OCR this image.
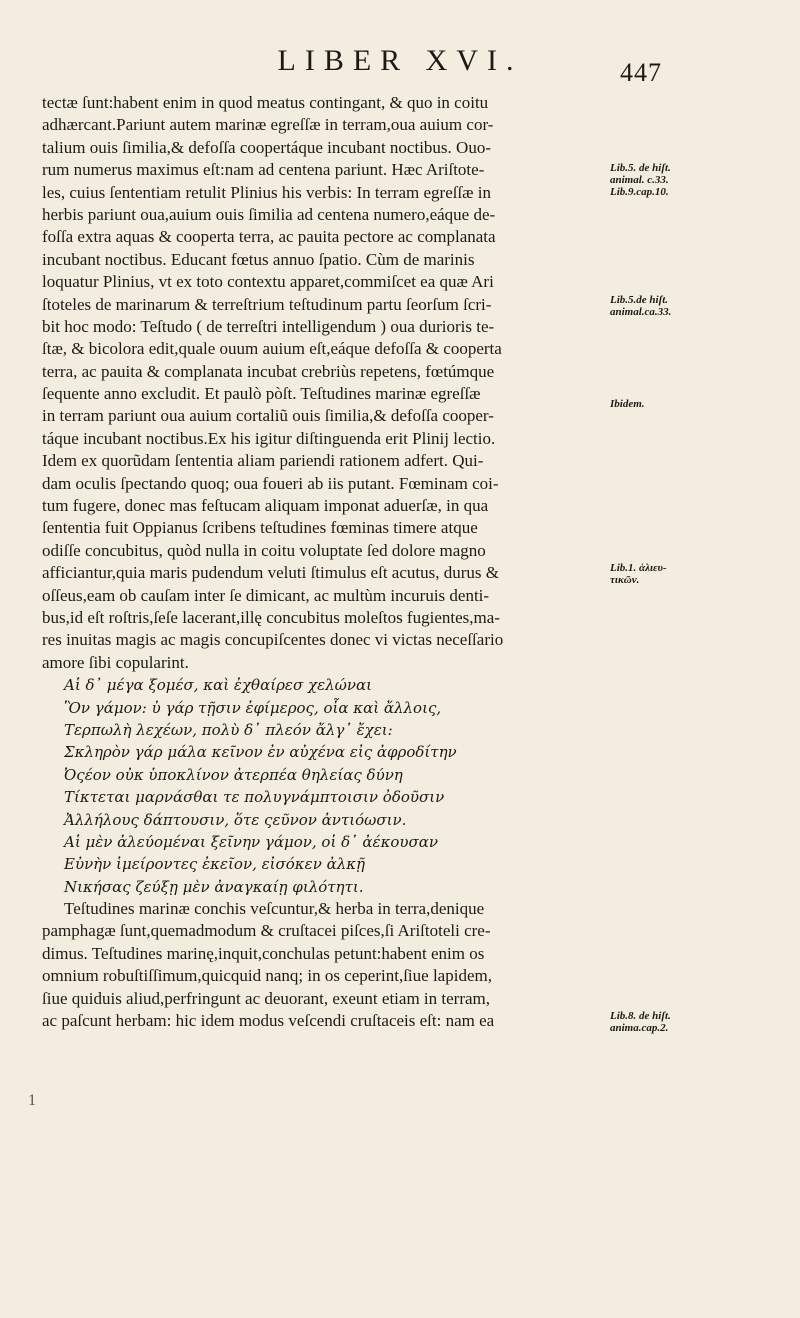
LIBER XVI.	447
tectæ ſunt:habent enim in quod meatus contingant, & quo in coitu
adhærcant.Pariunt autem marinæ egreſſæ in terram,oua auium cor-
talium ouis ſimilia,& defoſſa coopertáque incubant noctibus. Ouo-
rum numerus maximus eſt:nam ad centena pariunt. Hæc Ariſtote-
les, cuius ſententiam retulit Plinius his verbis: In terram egreſſæ in
herbis pariunt oua,auium ouis ſimilia ad centena numero,eáque de-
foſſa extra aquas & cooperta terra, ac pauita pectore ac complanata
incubant noctibus. Educant fœtus annuo ſpatio. Cùm de marinis
loquatur Plinius, vt ex toto contextu apparet,commiſcet ea quæ Ari
ſtoteles de marinarum & terreſtrium teſtudinum partu ſeorſum ſcri-
bit hoc modo: Teſtudo ( de terreſtri intelligendum ) oua durioris te-
ſtæ, & bicolora edit,quale ouum auium eſt,eáque defoſſa & cooperta
terra, ac pauita & complanata incubat crebriùs repetens, fœtúmque
ſequente anno excludit. Et paulò pòſt. Teſtudines marinæ egreſſæ
in terram pariunt oua auium cortaliũ ouis ſimilia,& defoſſa cooper-
táque incubant noctibus.Ex his igitur diſtinguenda erit Plinij lectio.
Idem ex quorũdam ſententia aliam pariendi rationem adfert. Qui-
dam oculis ſpectando quoq; oua foueri ab iis putant. Fœminam coi-
tum fugere, donec mas feſtucam aliquam imponat aduerſæ, in qua
ſententia fuit Oppianus ſcribens teſtudines fœminas timere atque
odiſſe concubitus, quòd nulla in coitu voluptate ſed dolore magno
afficiantur,quia maris pudendum veluti ſtimulus eſt acutus, durus &
oſſeus,eam ob cauſam inter ſe dimicant, ac multùm incuruis denti-
bus,id eſt roſtris,ſeſe lacerant,illę concubitus moleſtos fugientes,ma-
res inuitas magis ac magis concupiſcentes donec vi victas neceſſario
amore ſibi copularint.
Αἱ δ᾽ μέγα ξομέσ, καὶ ἐχθαίρεσ χελώναι
Ὃν γάμον: ὐ γάρ τῇσιν ἐφίμερος, οἷα καὶ ἄλλοις,
Τερπωλὴ λεχέων, πολὺ δ᾽ πλεόν ἄλγ᾽ ἔχει:
Σκληρὸν γάρ μάλα κεῖνον ἐν αὐχένα εἰς ἀφροδίτην
Ὀςέον οὐκ ὑποκλίνον ἀτερπέα θηλείας δύνη
Τίκτεται μαρνάσθαι τε πολυγνάμπτοισιν ὀδοῦσιν
Ἀλλήλους δάπτουσιν, ὅτε ςεῦνον ἀντιόωσιν.
Αἱ μὲν ἀλεύομέναι ξεῖνην γάμον, οἱ δ᾽ ἀέκουσαν
Εὐνὴν ἱμείροντες ἐκεῖον, εἰσόκεν ἀλκῇ
Νικήσας ζεύξῃ μὲν ἀναγκαίῃ φιλότητι.
Teſtudines marinæ conchis veſcuntur,& herba in terra,denique
pamphagæ ſunt,quemadmodum & cruſtacei piſces,ſi Ariſtoteli cre-
dimus. Teſtudines marinę,inquit,conchulas petunt:habent enim os
omnium robuſtiſſimum,quicquid nanq; in os ceperint,ſiue lapidem,
ſiue quiduis aliud,perfringunt ac deuorant, exeunt etiam in terram,
ac paſcunt herbam: hic idem modus veſcendi cruſtaceis eſt: nam ea
Lib.5. de hiſt.
animal. c.33.
Lib.9.cap.10.
Lib.5.de hiſt.
animal.ca.33.
Ibidem.
Lib.1. ἁλιευ-
τικῶν.
Lib.8. de hiſt.
anima.cap.2.
1
